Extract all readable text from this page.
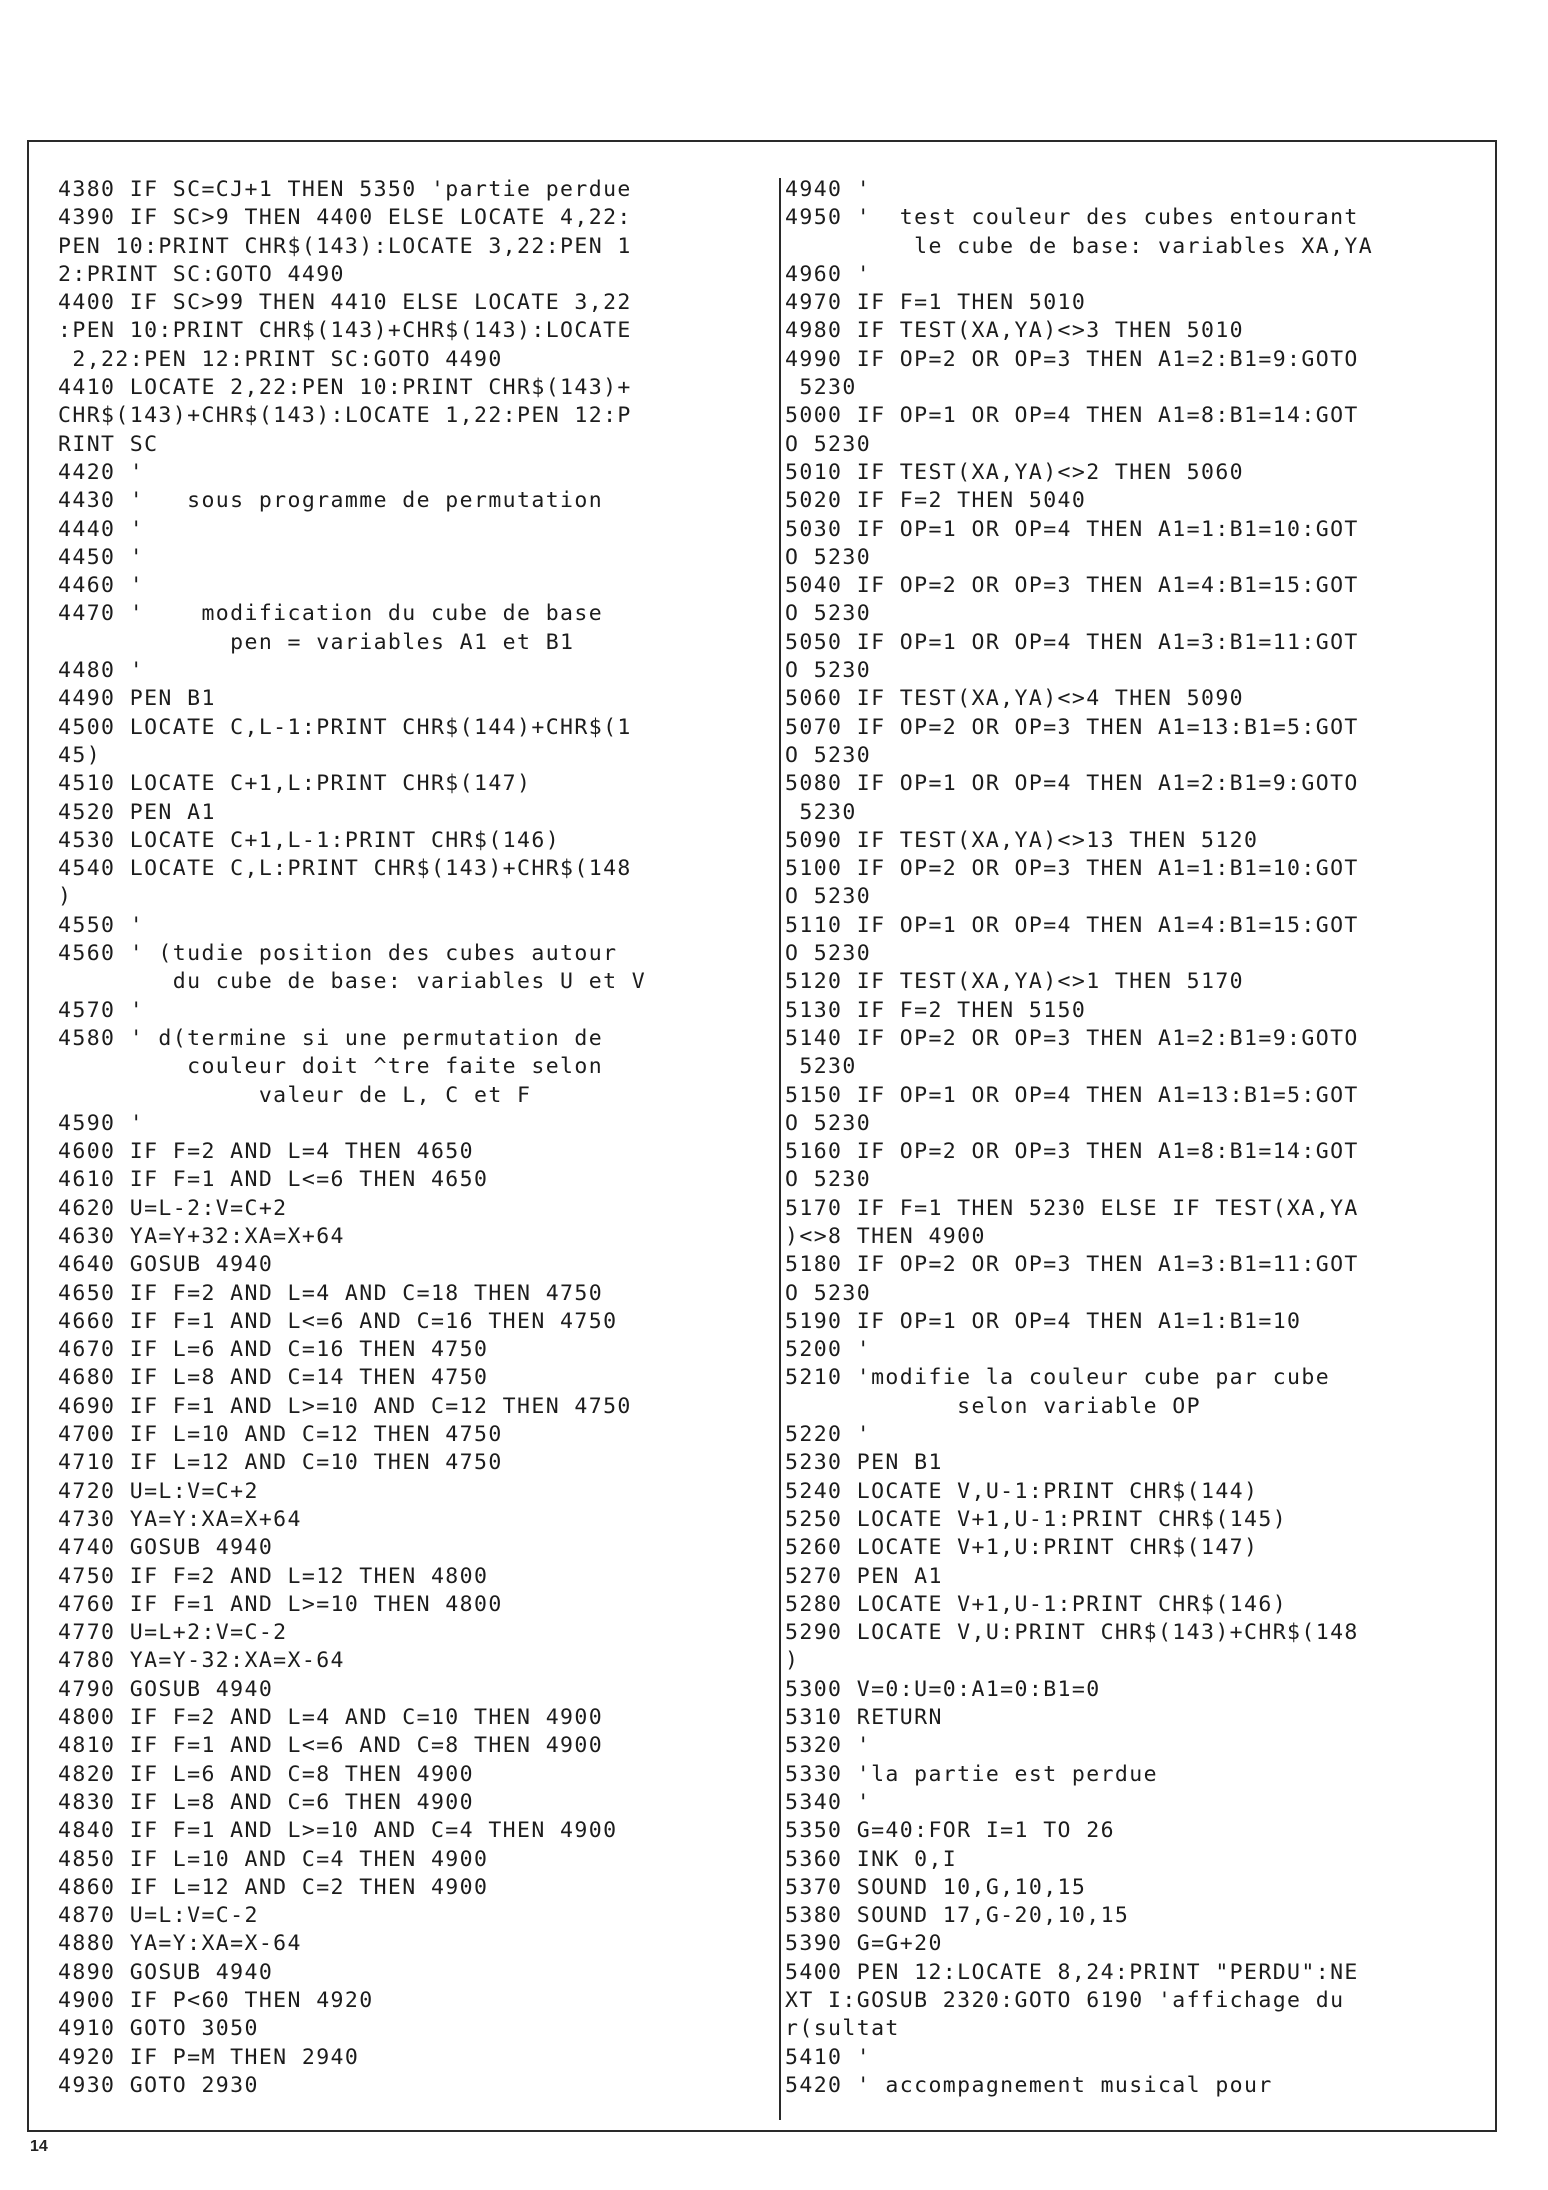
4380 IF SC=CJ+1 THEN 5350 'partie perdue
4390 IF SC>9 THEN 4400 ELSE LOCATE 4,22:
PEN 10:PRINT CHR$(143):LOCATE 3,22:PEN 1
2:PRINT SC:GOTO 4490
4400 IF SC>99 THEN 4410 ELSE LOCATE 3,22
:PEN 10:PRINT CHR$(143)+CHR$(143):LOCATE
2,22:PEN 12:PRINT SC:GOTO 4490
4410 LOCATE 2,22:PEN 10:PRINT CHR$(143)+
CHR$(143)+CHR$(143):LOCATE 1,22:PEN 12:P
RINT SC
4420 '
4430 '   sous programme de permutation
4440 '
4450 '
4460 '
4470 '    modification du cube de base
pen = variables A1 et B1
4480 '
4490 PEN B1
4500 LOCATE C,L-1:PRINT CHR$(144)+CHR$(1
45)
4510 LOCATE C+1,L:PRINT CHR$(147)
4520 PEN A1
4530 LOCATE C+1,L-1:PRINT CHR$(146)
4540 LOCATE C,L:PRINT CHR$(143)+CHR$(148
)
4550 '
4560 ' (tudie position des cubes autour
du cube de base: variables U et V
4570 '
4580 ' d(termine si une permutation de
couleur doit ^tre faite selon
valeur de L, C et F
4590 '
4600 IF F=2 AND L=4 THEN 4650
4610 IF F=1 AND L<=6 THEN 4650
4620 U=L-2:V=C+2
4630 YA=Y+32:XA=X+64
4640 GOSUB 4940
4650 IF F=2 AND L=4 AND C=18 THEN 4750
4660 IF F=1 AND L<=6 AND C=16 THEN 4750
4670 IF L=6 AND C=16 THEN 4750
4680 IF L=8 AND C=14 THEN 4750
4690 IF F=1 AND L>=10 AND C=12 THEN 4750
4700 IF L=10 AND C=12 THEN 4750
4710 IF L=12 AND C=10 THEN 4750
4720 U=L:V=C+2
4730 YA=Y:XA=X+64
4740 GOSUB 4940
4750 IF F=2 AND L=12 THEN 4800
4760 IF F=1 AND L>=10 THEN 4800
4770 U=L+2:V=C-2
4780 YA=Y-32:XA=X-64
4790 GOSUB 4940
4800 IF F=2 AND L=4 AND C=10 THEN 4900
4810 IF F=1 AND L<=6 AND C=8 THEN 4900
4820 IF L=6 AND C=8 THEN 4900
4830 IF L=8 AND C=6 THEN 4900
4840 IF F=1 AND L>=10 AND C=4 THEN 4900
4850 IF L=10 AND C=4 THEN 4900
4860 IF L=12 AND C=2 THEN 4900
4870 U=L:V=C-2
4880 YA=Y:XA=X-64
4890 GOSUB 4940
4900 IF P<60 THEN 4920
4910 GOTO 3050
4920 IF P=M THEN 2940
4930 GOTO 2930
4940 '
4950 '  test couleur des cubes entourant
le cube de base: variables XA,YA
4960 '
4970 IF F=1 THEN 5010
4980 IF TEST(XA,YA)<>3 THEN 5010
4990 IF OP=2 OR OP=3 THEN A1=2:B1=9:GOTO
5230
5000 IF OP=1 OR OP=4 THEN A1=8:B1=14:GOT
O 5230
5010 IF TEST(XA,YA)<>2 THEN 5060
5020 IF F=2 THEN 5040
5030 IF OP=1 OR OP=4 THEN A1=1:B1=10:GOT
O 5230
5040 IF OP=2 OR OP=3 THEN A1=4:B1=15:GOT
O 5230
5050 IF OP=1 OR OP=4 THEN A1=3:B1=11:GOT
O 5230
5060 IF TEST(XA,YA)<>4 THEN 5090
5070 IF OP=2 OR OP=3 THEN A1=13:B1=5:GOT
O 5230
5080 IF OP=1 OR OP=4 THEN A1=2:B1=9:GOTO
5230
5090 IF TEST(XA,YA)<>13 THEN 5120
5100 IF OP=2 OR OP=3 THEN A1=1:B1=10:GOT
O 5230
5110 IF OP=1 OR OP=4 THEN A1=4:B1=15:GOT
O 5230
5120 IF TEST(XA,YA)<>1 THEN 5170
5130 IF F=2 THEN 5150
5140 IF OP=2 OR OP=3 THEN A1=2:B1=9:GOTO
5230
5150 IF OP=1 OR OP=4 THEN A1=13:B1=5:GOT
O 5230
5160 IF OP=2 OR OP=3 THEN A1=8:B1=14:GOT
O 5230
5170 IF F=1 THEN 5230 ELSE IF TEST(XA,YA
)<>8 THEN 4900
5180 IF OP=2 OR OP=3 THEN A1=3:B1=11:GOT
O 5230
5190 IF OP=1 OR OP=4 THEN A1=1:B1=10
5200 '
5210 'modifie la couleur cube par cube
selon variable OP
5220 '
5230 PEN B1
5240 LOCATE V,U-1:PRINT CHR$(144)
5250 LOCATE V+1,U-1:PRINT CHR$(145)
5260 LOCATE V+1,U:PRINT CHR$(147)
5270 PEN A1
5280 LOCATE V+1,U-1:PRINT CHR$(146)
5290 LOCATE V,U:PRINT CHR$(143)+CHR$(148
)
5300 V=0:U=0:A1=0:B1=0
5310 RETURN
5320 '
5330 'la partie est perdue
5340 '
5350 G=40:FOR I=1 TO 26
5360 INK 0,I
5370 SOUND 10,G,10,15
5380 SOUND 17,G-20,10,15
5390 G=G+20
5400 PEN 12:LOCATE 8,24:PRINT "PERDU":NE
XT I:GOSUB 2320:GOTO 6190 'affichage du
r(sultat
5410 '
5420 ' accompagnement musical pour
14
